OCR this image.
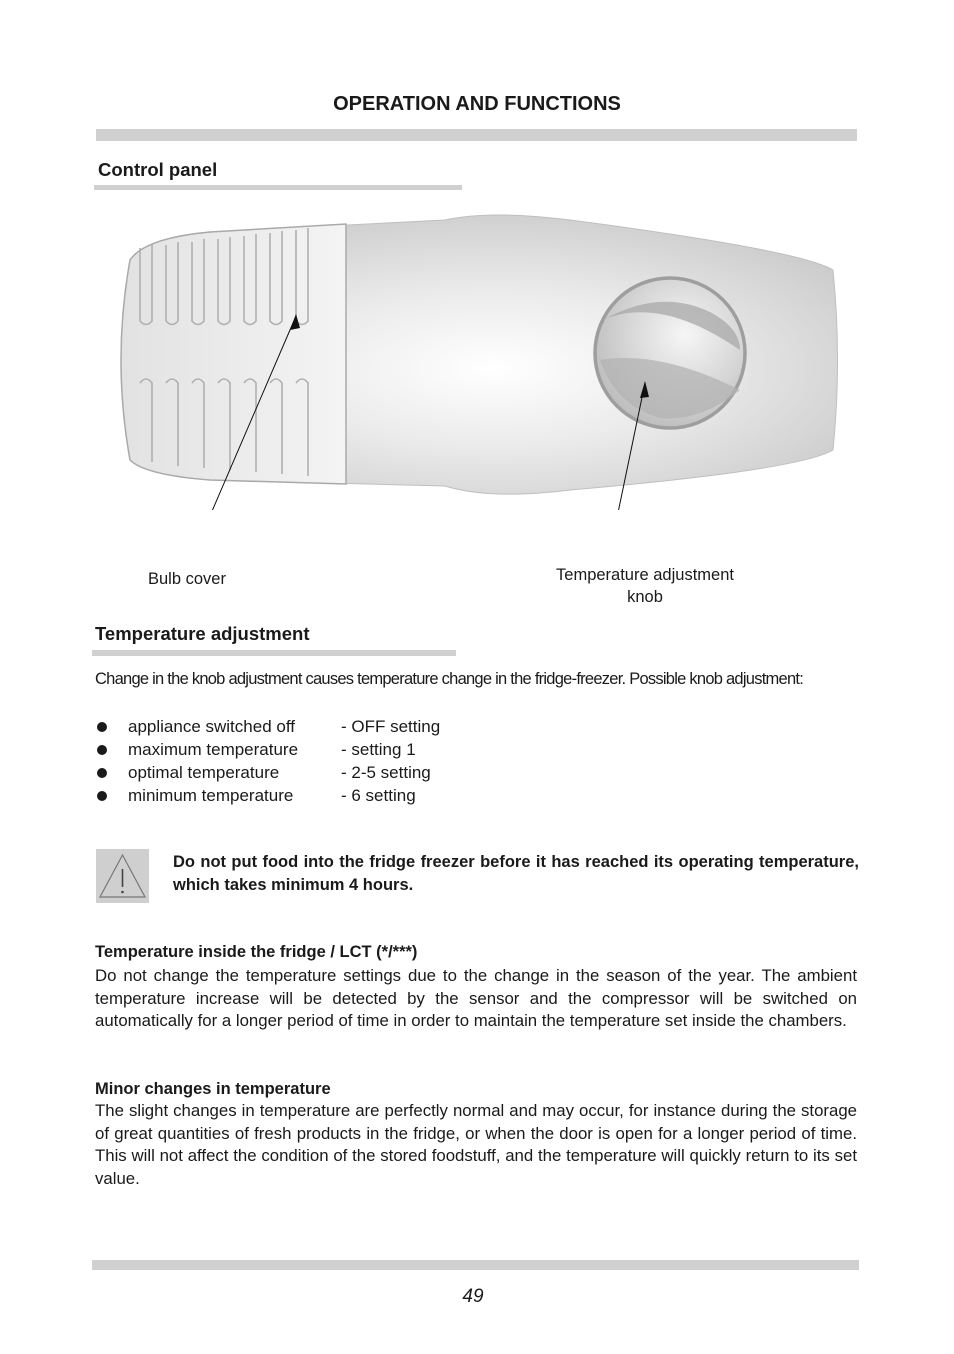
OPERATION AND FUNCTIONS
Control panel
Bulb cover	Temperature adjustment
knob
Temperature adjustment
Change in the knob adjustment causes temperature change in the fridge-freezer. Possible knob adjustment:
appliance switched off	- OFF setting
maximum temperature	- setting 1
optimal temperature	- 2-5 setting
minimum temperature	- 6 setting
Do not put food into the fridge freezer before it has reached its operating temperature, which takes minimum 4 hours.
Temperature inside the fridge / LCT (*/***)
Do not change the temperature settings due to the change in the season of the year. The ambient temperature increase will be detected by the sensor and the compressor will be switched on automatically for a longer period of time in order to maintain the temperature set inside the chambers.
Minor changes in temperature
The slight changes in temperature are perfectly normal and may occur, for instance during the storage of great quantities of fresh products in the fridge, or when the door is open for a longer period of time. This will not affect the condition of the stored foodstuff, and the temperature will quickly return to its set value.
49
